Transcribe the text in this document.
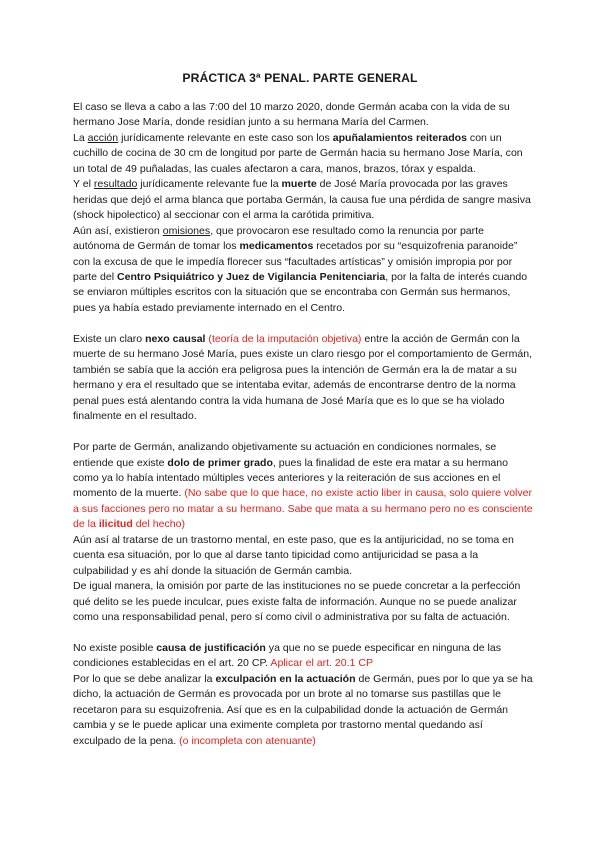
PRÁCTICA 3ª PENAL. PARTE GENERAL

El caso se lleva a cabo a las 7:00 del 10 marzo 2020, donde Germán acaba con la vida de su hermano Jose María, donde residían junto a su hermana María del Carmen.

La acción jurídicamente relevante en este caso son los apuñalamientos reiterados con un cuchillo de cocina de 30 cm de longitud por parte de Germán hacia su hermano Jose María, con un total de 49 puñaladas, las cuales afectaron a cara, manos, brazos, tórax y espalda.

Y el resultado jurídicamente relevante fue la muerte de José María provocada por las graves heridas que dejó el arma blanca que portaba Germán, la causa fue una pérdida de sangre masiva (shock hipolectico) al seccionar con el arma la carótida primitiva.

Aún así, existieron omisiones, que provocaron ese resultado como la renuncia por parte autónoma de Germán de tomar los medicamentos recetados por su “esquizofrenia paranoide” con la excusa de que le impedía florecer sus “facultades artísticas” y omisión impropia por por parte del Centro Psiquiátrico y Juez de Vigilancia Penitenciaria, por la falta de interés cuando se enviaron múltiples escritos con la situación que se encontraba con Germán sus hermanos, pues ya había estado previamente internado en el Centro.

Existe un claro nexo causal (teoría de la imputación objetiva) entre la acción de Germán con la muerte de su hermano José María, pues existe un claro riesgo por el comportamiento de Germán, también se sabía que la acción era peligrosa pues la intención de Germán era la de matar a su hermano y era el resultado que se intentaba evitar, además de encontrarse dentro de la norma penal pues está alentando contra la vida humana de José María que es lo que se ha violado finalmente en el resultado.

Por parte de Germán, analizando objetivamente su actuación en condiciones normales, se entiende que existe dolo de primer grado, pues la finalidad de este era matar a su hermano como ya lo había intentado múltiples veces anteriores y la reiteración de sus acciones en el momento de la muerte. (No sabe que lo que hace, no existe actio liber in causa, solo quiere volver a sus facciones pero no matar a su hermano. Sabe que mata a su hermano pero no es consciente de la ilicitud del hecho)

Aún así al tratarse de un trastorno mental, en este paso, que es la antijuricidad, no se toma en cuenta esa situación, por lo que al darse tanto tipicidad como antijuricidad se pasa a la culpabilidad y es ahí donde la situación de Germán cambia.

De igual manera, la omisión por parte de las instituciones no se puede concretar a la perfección qué delito se les puede inculcar, pues existe falta de información. Aunque no se puede analizar como una responsabilidad penal, pero sí como civil o administrativa por su falta de actuación.

No existe posible causa de justificación ya que no se puede especificar en ninguna de las condiciones establecidas en el art. 20 CP. Aplicar el art. 20.1 CP

Por lo que se debe analizar la exculpación en la actuación de Germán, pues por lo que ya se ha dicho, la actuación de Germán es provocada por un brote al no tomarse sus pastillas que le recetaron para su esquizofrenia. Así que es en la culpabilidad donde la actuación de Germán cambia y se le puede aplicar una eximente completa por trastorno mental quedando así exculpado de la pena. (o incompleta con atenuante)
